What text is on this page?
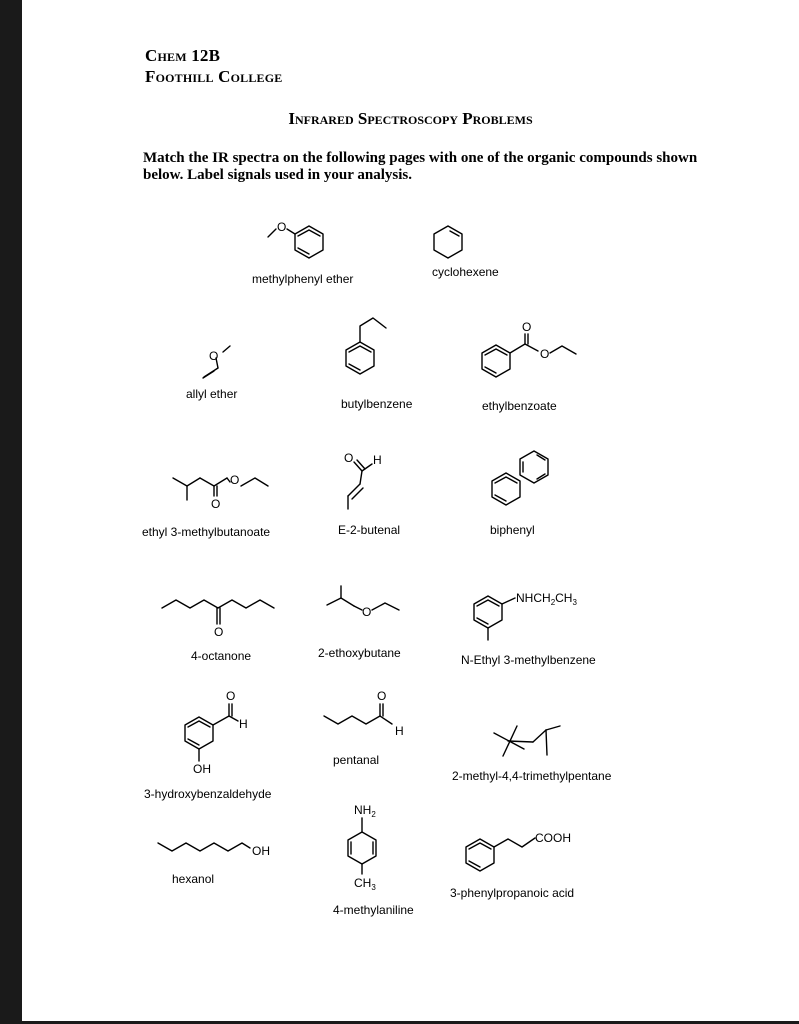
Chem 12B
Foothill College
Infrared Spectroscopy Problems
Match the IR spectra on the following pages with one of the organic compounds shown below. Label signals used in your analysis.
O
methylphenyl ether	cyclohexene
O
allyl ether
butylbenzene
O
O
ethylbenzoate
O
O
ethyl 3-methylbutanoate
O H
E-2-butenal	biphenyl
O
4-octanone
O
2-ethoxybutane
NHCH2CH3
N-Ethyl 3-methylbenzene
O
H
OH
3-hydroxybenzaldehyde
O
H
pentanal
2-methyl-4,4-trimethylpentane
OH
hexanol
NH2
CH3
4-methylaniline
COOH
3-phenylpropanoic acid
